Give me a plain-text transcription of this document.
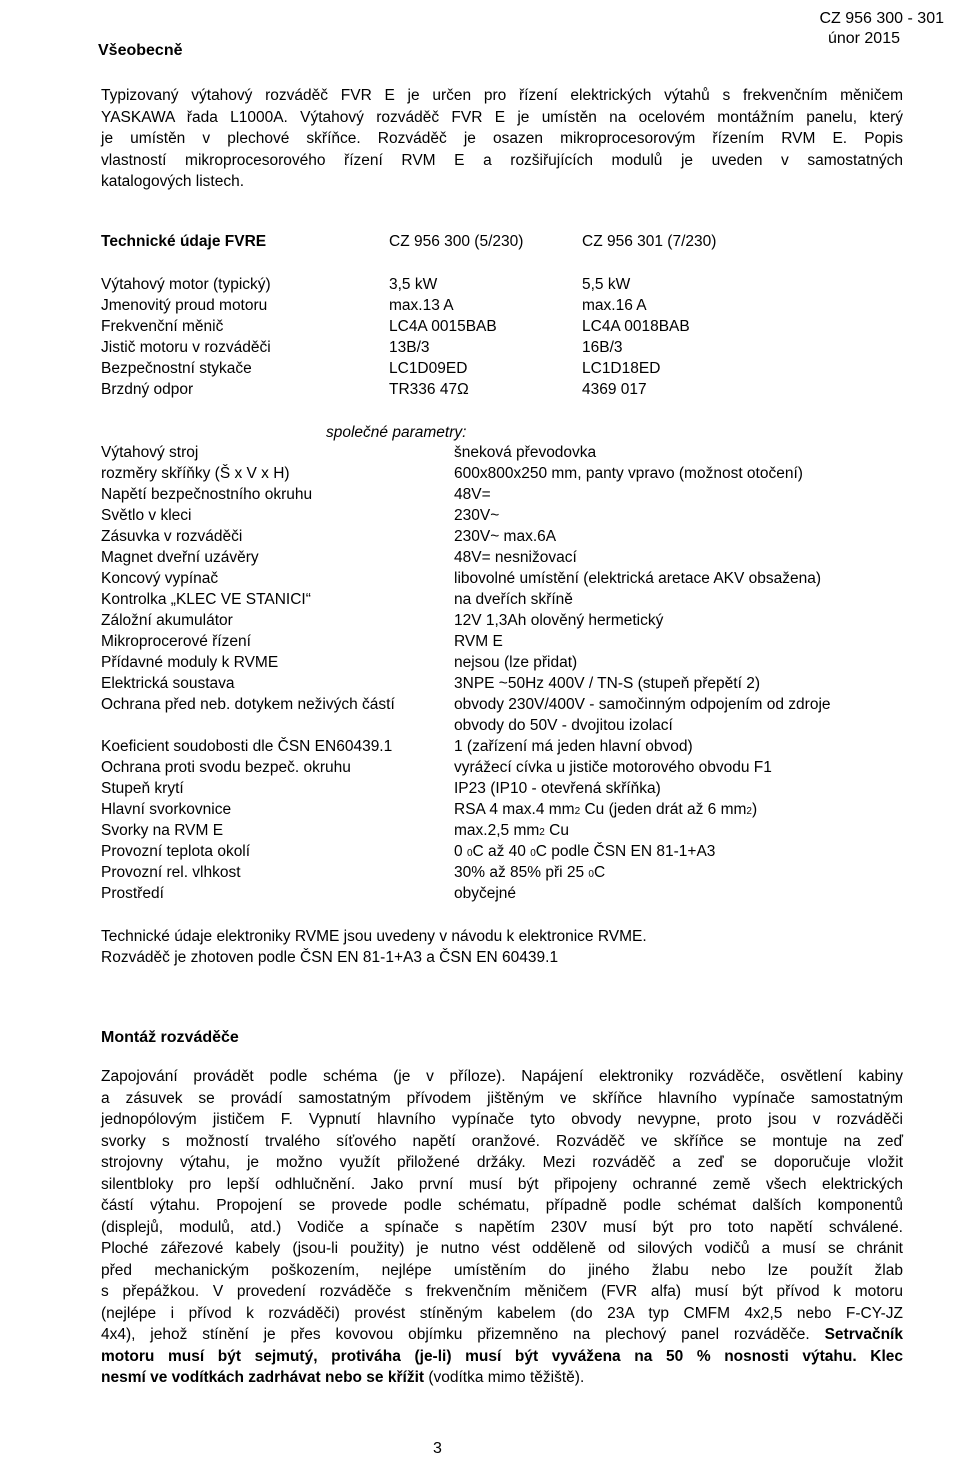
CZ 956 300 - 301
únor 2015
Všeobecně
Typizovaný výtahový rozváděč FVR E je určen pro řízení elektrických výtahů s frekvenčním měničem
YASKAWA řada L1000A. Výtahový rozváděč FVR E je umístěn na ocelovém montážním panelu, který
je umístěn v plechové skříňce. Rozváděč je osazen mikroprocesorovým řízením RVM E. Popis
vlastností mikroprocesorového řízení RVM E a rozšiřujících modulů je uveden v samostatných
katalogových listech.
Technické údaje FVRE	CZ 956 300 (5/230)	CZ 956 301 (7/230)
Výtahový motor (typický)	3,5 kW	5,5 kW
Jmenovitý proud motoru	max.13 A	max.16 A
Frekvenční měnič	LC4A 0015BAB	LC4A 0018BAB
Jistič motoru v rozváděči	13B/3	16B/3
Bezpečnostní stykače	LC1D09ED	LC1D18ED
Brzdný odpor	TR336 47Ω	4369 017
společné parametry:
Výtahový stroj	šneková převodovka
rozměry skříňky (Š x V x H)	600x800x250 mm, panty vpravo (možnost otočení)
Napětí bezpečnostního okruhu	48V=
Světlo v kleci	230V~
Zásuvka v rozváděči	230V~ max.6A
Magnet dveřní uzávěry	48V= nesnižovací
Koncový vypínač	libovolné umístění (elektrická aretace AKV obsažena)
Kontrolka „KLEC VE STANICI“	na dveřích skříně
Záložní akumulátor	12V 1,3Ah olověný hermetický
Mikroprocerové řízení	RVM E
Přídavné moduly k RVME	nejsou (lze přidat)
Elektrická soustava	3NPE ~50Hz 400V / TN-S (stupeň přepětí 2)
Ochrana před neb. dotykem neživých částí	obvody 230V/400V - samočinným odpojením od zdroje
obvody do 50V - dvojitou izolací
Koeficient soudobosti dle ČSN EN60439.1	1 (zařízení má jeden hlavní obvod)
Ochrana proti svodu bezpeč. okruhu	vyrážecí cívka u jističe motorového obvodu F1
Stupeň krytí	IP23 (IP10 - otevřená skříňka)
Hlavní svorkovnice	RSA 4 max.4 mm2 Cu (jeden drát až 6 mm2)
Svorky na RVM E	max.2,5 mm2 Cu
Provozní teplota okolí	0 0C až 40 0C podle ČSN EN 81-1+A3
Provozní rel. vlhkost	30% až 85% při 25 0C
Prostředí	obyčejné
Technické údaje elektroniky RVME jsou uvedeny v návodu k elektronice RVME.
Rozváděč je zhotoven podle ČSN EN 81-1+A3 a ČSN EN 60439.1
Montáž rozváděče
Zapojování provádět podle schéma (je v příloze). Napájení elektroniky rozváděče, osvětlení kabiny
a zásuvek se provádí samostatným přívodem jištěným ve skříňce hlavního vypínače samostatným
jednopólovým jističem F. Vypnutí hlavního vypínače tyto obvody nevypne, proto jsou v rozváděči
svorky s možností trvalého síťového napětí oranžové. Rozváděč ve skříňce se montuje na zeď
strojovny výtahu, je možno využít přiložené držáky. Mezi rozváděč a zeď se doporučuje vložit
silentbloky pro lepší odhlučnění. Jako první musí být připojeny ochranné země všech elektrických
částí výtahu. Propojení se provede podle schématu, případně podle schémat dalších komponentů
(displejů, modulů, atd.) Vodiče a spínače s napětím 230V musí být pro toto napětí schválené.
Ploché zářezové kabely (jsou-li použity) je nutno vést odděleně od silových vodičů a musí se chránit
před mechanickým poškozením, nejlépe umístěním do jiného žlabu nebo lze použít žlab
s přepážkou. V provedení rozváděče s frekvenčním měničem (FVR alfa) musí být přívod k motoru
(nejlépe i přívod k rozváděči) provést stíněným kabelem (do 23A typ CMFM 4x2,5 nebo F-CY-JZ
4x4), jehož stínění je přes kovovou objímku přizemněno na plechový panel rozváděče. Setrvačník
motoru musí být sejmutý, protiváha (je-li) musí být vyvážena na 50 % nosnosti výtahu. Klec
nesmí ve vodítkách zadrhávat nebo se křížit (vodítka mimo těžiště).
3
